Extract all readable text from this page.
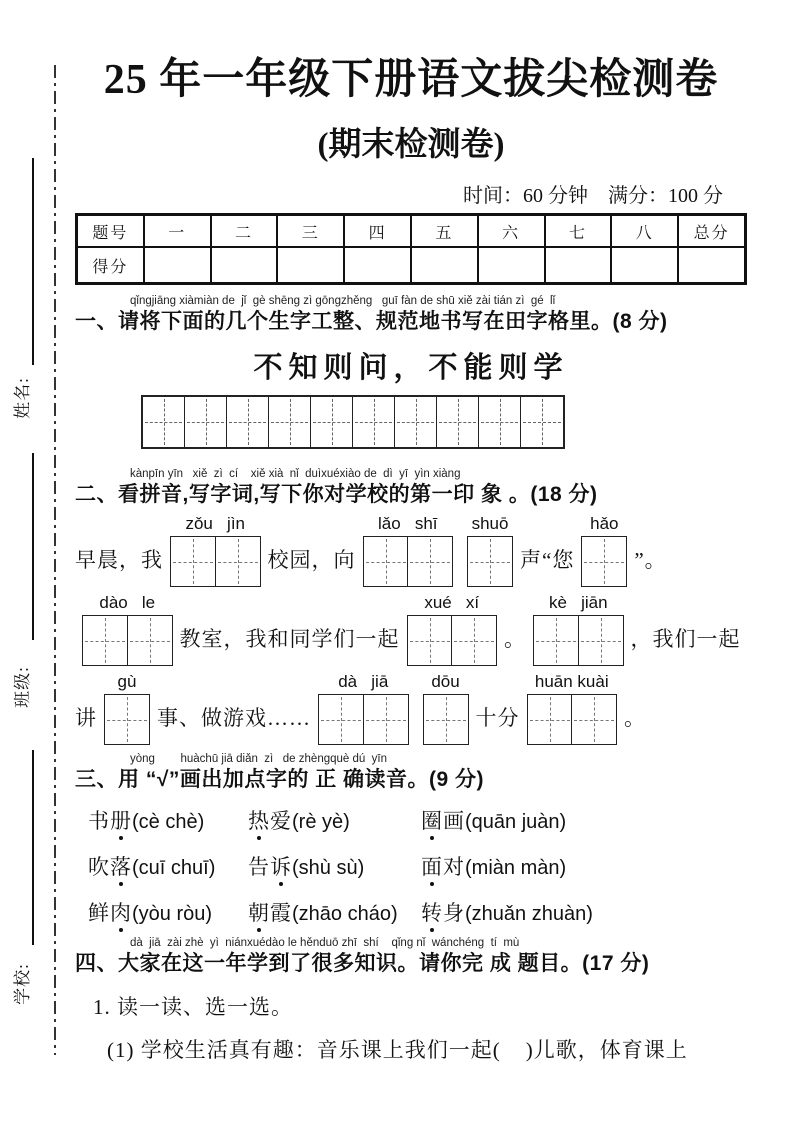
姓名:
班级:
学校:
25 年一年级下册语文拔尖检测卷
(期末检测卷)
时间：60 分钟    满分：100 分
题号	一	二	三	四	五	六	七	八	总分
得分
qǐngjiāng xiàmiàn de  jǐ  gè shēng zì gōngzhěng   guī fàn de shū xiě zài tián zì  gé  lǐ
一、请将下面的几个生字工整、规范地书写在田字格里。(8 分)
不知则问，不能则学
kànpīn yīn   xiě  zì  cí    xiě xià  nǐ  duìxuéxiào de  dì  yī  yìn xiàng
二、看拼音,写字词,写下你对学校的第一印 象 。(18 分)
早晨，我
zǒu   jìn
校园，向
lǎo   shī shuō
声“您
hǎo
”。
dào   le
教室，我和同学们一起
xué   xí
。
kè   jiān
，我们一起
讲
gù
事、做游戏……
dà   jiā	dōu
十分
huān kuài
。
yòng        huàchū jiā diǎn  zì   de zhèngquè dú  yīn
三、用 “√”画出加点字的 正 确读音。(9 分)
书册(cè chè)	热爱(rè yè)	圈画(quān juàn)
吹落(cuī chuī)	告诉(shù sù)	面对(miàn màn)
鲜肉(yòu ròu)	朝霞(zhāo cháo)	转身(zhuǎn zhuàn)
dà  jiā  zài zhè  yì  niánxuédào le hěnduō zhī  shí    qǐng nǐ  wánchéng  tí  mù
四、大家在这一年学到了很多知识。请你完 成 题目。(17 分)
1. 读一读、选一选。
(1) 学校生活真有趣：音乐课上我们一起(    )儿歌，体育课上
